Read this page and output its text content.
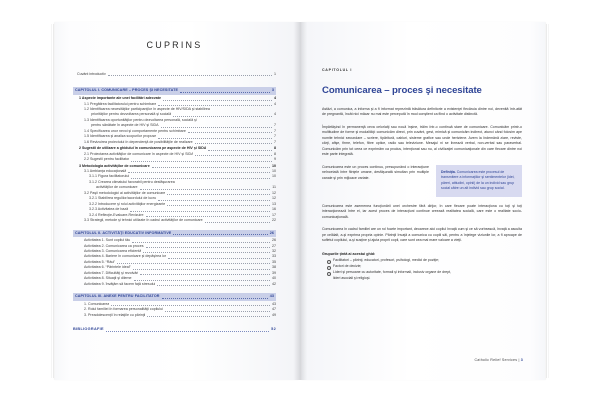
CUPRINS
Cuvânt introductiv	1
CAPITOLUL I. COMUNICARE – PROCES ŞI NECESITATE	3
1 Aspecte importante ale unei facilitări adecvate	4
1.1 Pregătirea facilitatorului pentru schimbare	4
1.2 Identificarea necesităţilor participanţilor în aspecte de HIV/SIDA şi stabilirea
priorităţilor pentru dezvoltarea personală şi socială	4
1.3 Identificarea oportunităţilor pentru dezvoltarea personală, socială şi
pentru sănătate în aspecte de HIV şi SIDA	7
1.4 Specificarea unor nevoi şi comportamente pentru schimbare	7
1.5 Identificarea şi analiza scopurilor propuse	7
1.6 Revizuirea proiectului în dependenţă de posibilităţile de realizare	7
2 Sugestii de utilizare a ghidului în comunicarea pe aspecte de HIV şi SIDA	8
2.1 Proiectarea activităţilor de comunicare în aspecte de HIV şi SIDA	8
2.2 Sugestii pentru facilitator	9
3 Metodologia activităţilor de comunicare	10
3.1 Ambianţa educaţională	10
3.1.1 Figura facilitatorului	10
3.1.2 Crearea climatului favorabil pentru desfăşurarea
activităţilor de comunicare	11
3.2 Paşii metodologici ai activităţilor de comunicare	12
3.2.1 Stabilirea regulilor/acordului de lucru	12
3.2.2 Introducere şi rolul activităţilor energizante	13
3.2.3 Activitatea de bază	16
3.2.4 Reflecţie-Evaluare-Revizuire	17
3.3 Strategii, metode şi tehnici utilizate în cadrul activităţilor de comunicare	22
CAPITOLUL II. ACTIVITĂŢI EDUCATIV INFORMATIVE	26
Activitatea 1. Sunt copilul tău	26
Activitatea 2. Comunicarea ca proces	27
Activitatea 3. Comunicarea eficientă	32
Activitatea 4. Bariere în comunicare şi depăşirea lor	33
Activitatea 5. “Râul”	35
Activitatea 6. “Părintele ideal”	38
Activitatea 7. Dificultăţi şi rezolvări	39
Activitatea 8. Situaţii şi dileme	40
Activitatea 9. Învăţăm să facem faţă stresului	42
CAPITOLUL III. ANEXE PENTRU FACILITATOR	43
1. Comunicarea	43
2. Rolul familiei în formarea personalităţii copilului	47
3. Preadolescenţii în relaţiile cu părinţii	49
BIBLIOGRAFIE	52
CAPITOLUL I
Comunicarea – proces şi necesitate
Astăzi, a comunica, a informa şi a fi informat reprezintă trăsătura definitorie a existenţei fiecăruia dintre noi, devenită într-atât de pregnantă, încât nici măcar nu mai este percepută în mod conştient ca fiind o activitate distinctă.
Împărtăşind în permanenţă ceva celorlalţi sau nouă înşine, trăim într-o continuă stare de comunicare. Comunicăm printr-o multitudine de forme şi modalităţi: comunicăm direct, prin cuvânt, gest, mimică şi comunicăm indirect, atunci când folosim ape numite tehnici secundare – scriere, tipăritură, cabluri, sisteme grafice sau unde hertziene. Avem la îndemână ziare, reviste, cărţi, afişe, firme, telefon, fibre optice, radio sau televiziune. Mesajul ni se livrează verbal, non-verbal sau paraverbal. Comunicăm prin tot ceea ce exprimăm ca produs, intenţionat sau nu, al civilizaţiei comunicaţionale din care fiecare dintre noi este parte integrată.
Comunicarea este un proces continuu, presupunând o interacţiune neîncetată între fiinţele umane, desfăşurată simultan prin multiple canale şi prin mijloace variate.
Definiţia. Comunicarea este procesul de transmitere a informaţiilor şi sentimentelor (idei, păreri, atitudini, opinii) de la un individ sau grup social către un alt individ sau grup social.
Comunicarea este asemenea funcţionării unei orchestre fără dirijor, în care fiecare poate interacţiona cu toţi şi toţi interacţionează între ei, iar acest proces de interacţiuni continue creează realitatea socială, care este o realitate socio-comunicaţională.
Comunicarea în cadrul familiei are un rol foarte important, deoarece aici copilul învaţă cum şi ce să vorbească, învaţă a asculta pe celălalt, a-şi exprima propria opinie. Părinţii învaţă a comunica cu copiii săi, pentru a înţelege viziunile lor, a fi aproape de sufletul copilului, a-şi susţine şi ajuta proprii copii, care sunt cea mai mare valoare a vieţii.
Grupurile ţintă ai acestui ghid:
Facilitatori – părinţi, educatori, profesori, psihologi, medici de poziţie;
Factori de decizie;
Lideri şi persoane cu autoritate, formali şi informali, inclusiv organe de drept,
lideri asociali şi religioşi.
Catholic Relief Services | 3
